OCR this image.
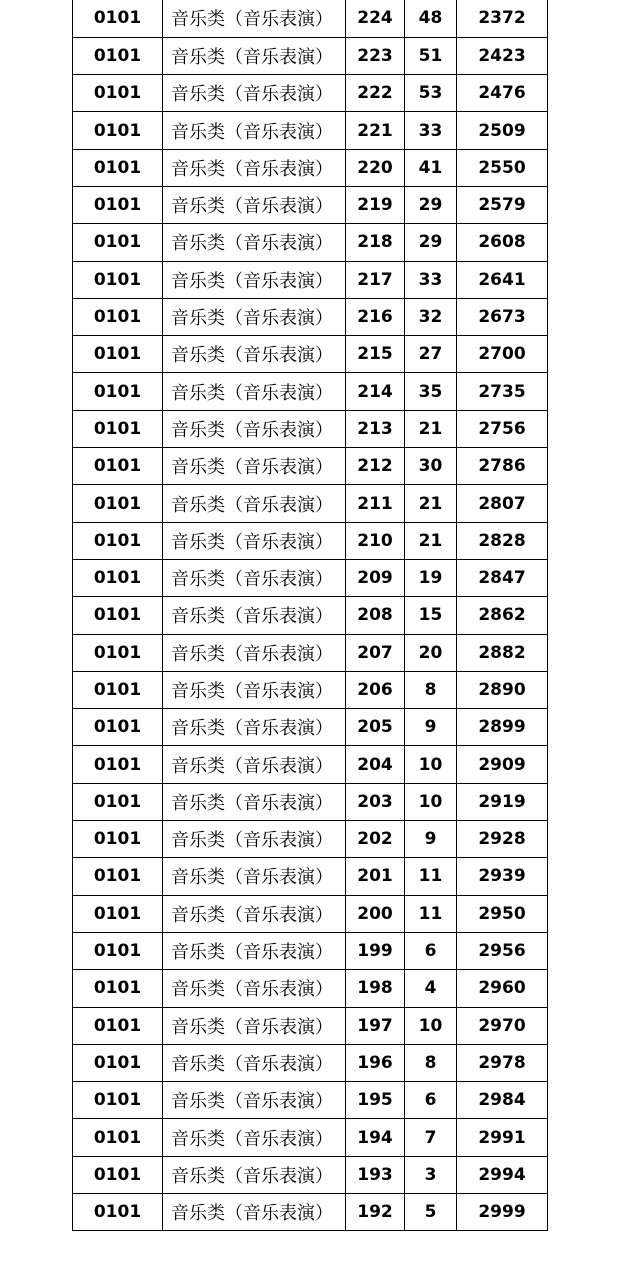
0101	音乐类（音乐表演）	224	48	2372
0101	音乐类（音乐表演）	223	51	2423
0101	音乐类（音乐表演）	222	53	2476
0101	音乐类（音乐表演）	221	33	2509
0101	音乐类（音乐表演）	220	41	2550
0101	音乐类（音乐表演）	219	29	2579
0101	音乐类（音乐表演）	218	29	2608
0101	音乐类（音乐表演）	217	33	2641
0101	音乐类（音乐表演）	216	32	2673
0101	音乐类（音乐表演）	215	27	2700
0101	音乐类（音乐表演）	214	35	2735
0101	音乐类（音乐表演）	213	21	2756
0101	音乐类（音乐表演）	212	30	2786
0101	音乐类（音乐表演）	211	21	2807
0101	音乐类（音乐表演）	210	21	2828
0101	音乐类（音乐表演）	209	19	2847
0101	音乐类（音乐表演）	208	15	2862
0101	音乐类（音乐表演）	207	20	2882
0101	音乐类（音乐表演）	206	8	2890
0101	音乐类（音乐表演）	205	9	2899
0101	音乐类（音乐表演）	204	10	2909
0101	音乐类（音乐表演）	203	10	2919
0101	音乐类（音乐表演）	202	9	2928
0101	音乐类（音乐表演）	201	11	2939
0101	音乐类（音乐表演）	200	11	2950
0101	音乐类（音乐表演）	199	6	2956
0101	音乐类（音乐表演）	198	4	2960
0101	音乐类（音乐表演）	197	10	2970
0101	音乐类（音乐表演）	196	8	2978
0101	音乐类（音乐表演）	195	6	2984
0101	音乐类（音乐表演）	194	7	2991
0101	音乐类（音乐表演）	193	3	2994
0101	音乐类（音乐表演）	192	5	2999
